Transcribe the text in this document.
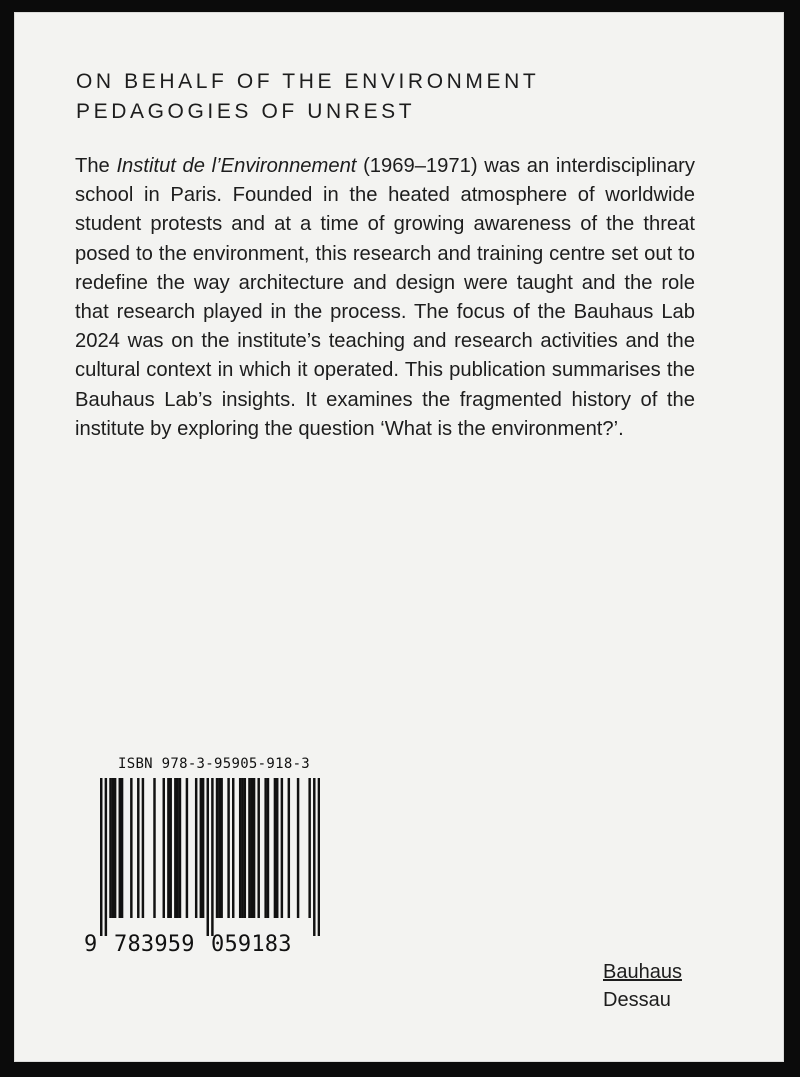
ON BEHALF OF THE ENVIRONMENT
PEDAGOGIES OF UNREST
The Institut de l’Environnement (1969–1971) was an interdisciplinary school in Paris. Founded in the heated atmosphere of worldwide student protests and at a time of growing awareness of the threat posed to the environment, this research and training centre set out to redefine the way architecture and design were taught and the role that research played in the process. The focus of the Bauhaus Lab 2024 was on the institute’s teaching and research activities and the cultural context in which it operated. This publication summarises the Bauhaus Lab’s insights. It examines the fragmented history of the institute by exploring the question ‘What is the environment?’.
ISBN 978-3-95905-918-3
9 783959 059183
Bauhaus
Dessau
